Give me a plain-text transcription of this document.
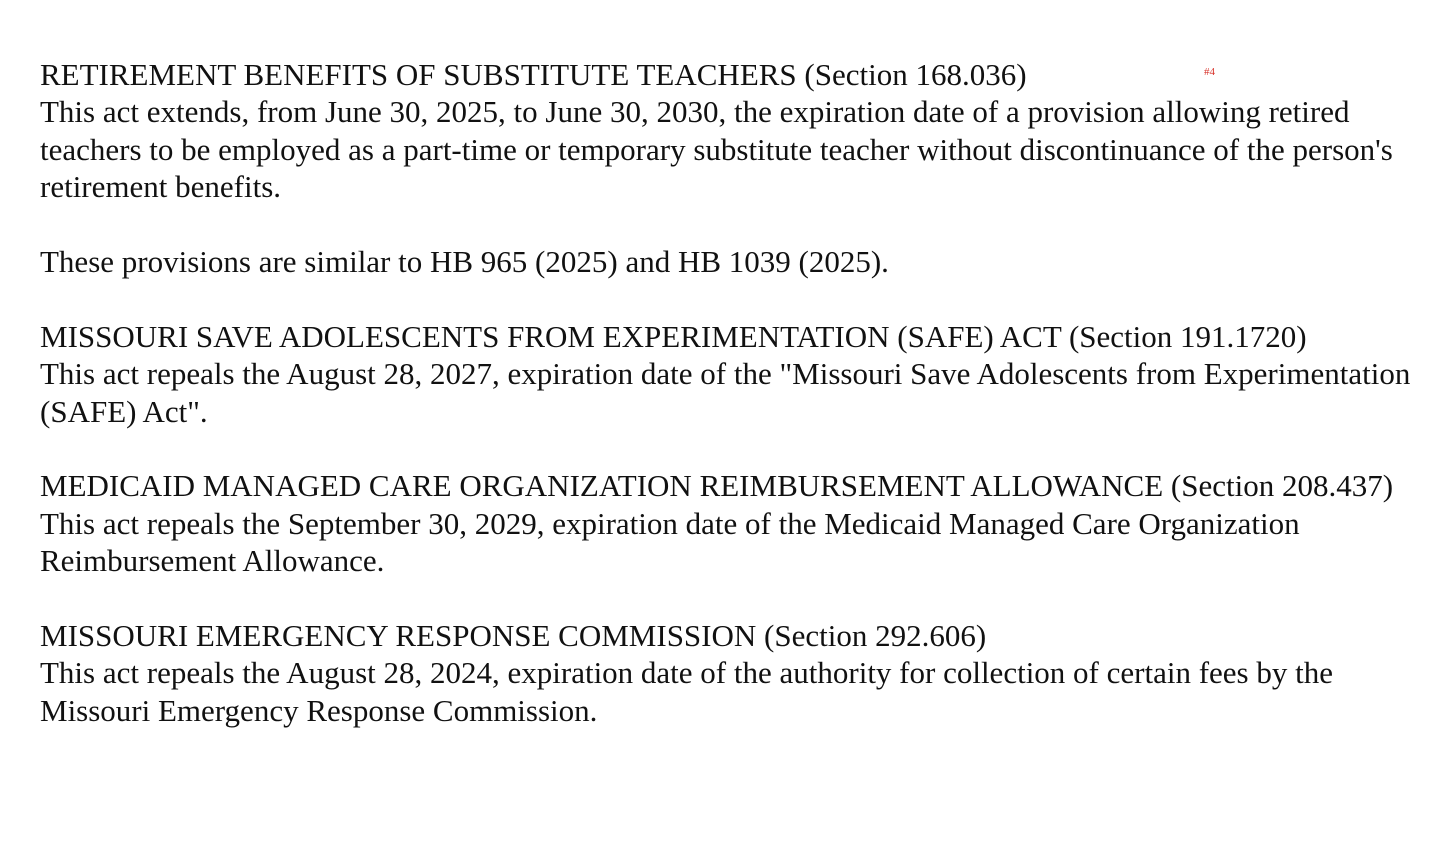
#4

RETIREMENT BENEFITS OF SUBSTITUTE TEACHERS (Section 168.036)

This act extends, from June 30, 2025, to June 30, 2030, the expiration date of a provision allowing retired teachers to be employed as a part-time or temporary substitute teacher without discontinuance of the person's retirement benefits.

These provisions are similar to HB 965 (2025) and HB 1039 (2025).

MISSOURI SAVE ADOLESCENTS FROM EXPERIMENTATION (SAFE) ACT (Section 191.1720)

This act repeals the August 28, 2027, expiration date of the "Missouri Save Adolescents from Experimentation (SAFE) Act".

MEDICAID MANAGED CARE ORGANIZATION REIMBURSEMENT ALLOWANCE (Section 208.437)

This act repeals the September 30, 2029, expiration date of the Medicaid Managed Care Organization Reimbursement Allowance.

MISSOURI EMERGENCY RESPONSE COMMISSION (Section 292.606)

This act repeals the August 28, 2024, expiration date of the authority for collection of certain fees by the Missouri Emergency Response Commission.
